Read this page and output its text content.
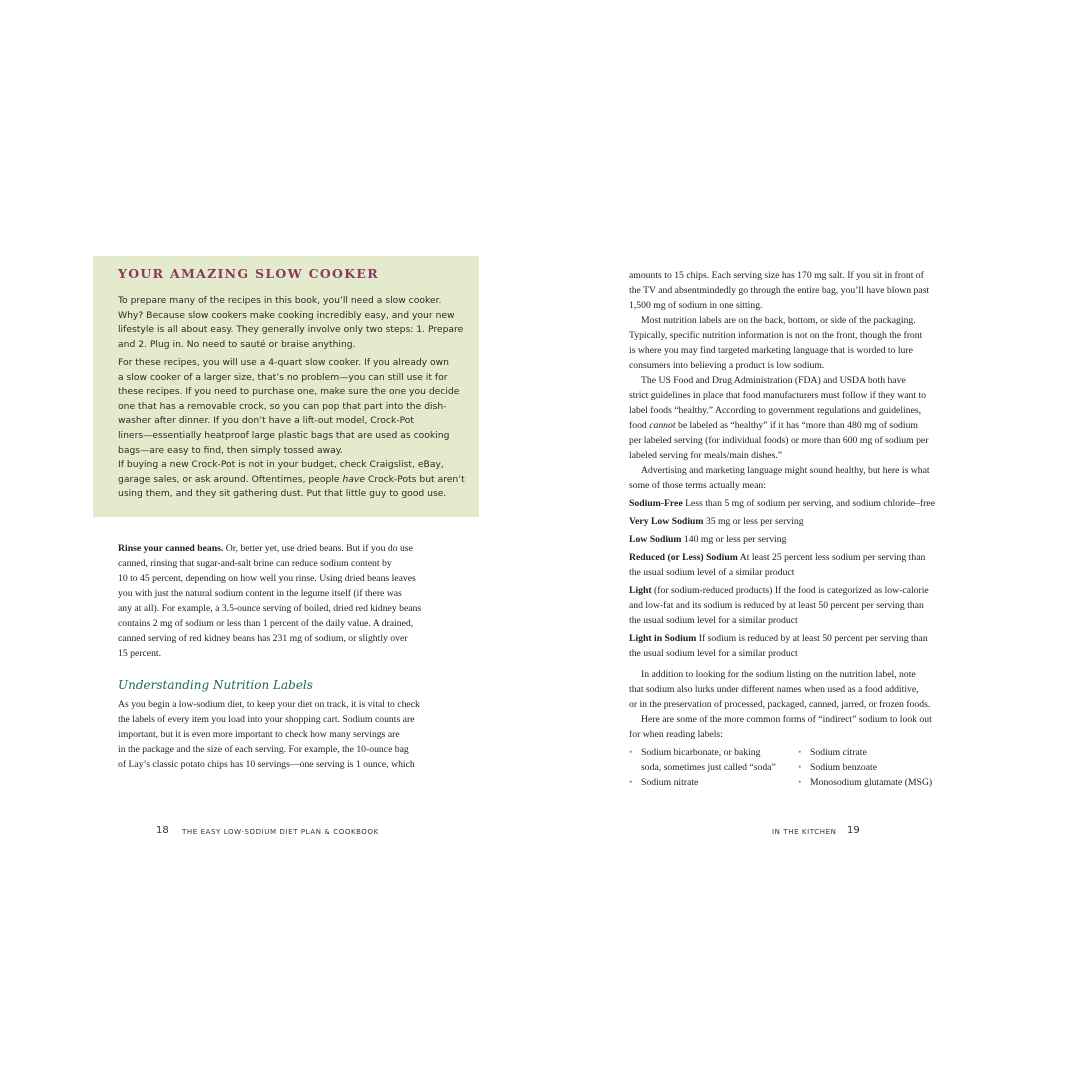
YOUR AMAZING SLOW COOKER
To prepare many of the recipes in this book, you’ll need a slow cooker.
Why? Because slow cookers make cooking incredibly easy, and your new
lifestyle is all about easy. They generally involve only two steps: 1. Prepare
and 2. Plug in. No need to sauté or braise anything.
For these recipes, you will use a 4-quart slow cooker. If you already own
a slow cooker of a larger size, that’s no problem—you can still use it for
these recipes. If you need to purchase one, make sure the one you decide
one that has a removable crock, so you can pop that part into the dish-
washer after dinner. If you don’t have a lift-out model, Crock-Pot
liners—essentially heatproof large plastic bags that are used as cooking
bags—are easy to find, then simply tossed away.
If buying a new Crock-Pot is not in your budget, check Craigslist, eBay,
garage sales, or ask around. Oftentimes, people have Crock-Pots but aren’t
using them, and they sit gathering dust. Put that little guy to good use.
Rinse your canned beans. Or, better yet, use dried beans. But if you do use
canned, rinsing that sugar-and-salt brine can reduce sodium content by
10 to 45 percent, depending on how well you rinse. Using dried beans leaves
you with just the natural sodium content in the legume itself (if there was
any at all). For example, a 3.5-ounce serving of boiled, dried red kidney beans
contains 2 mg of sodium or less than 1 percent of the daily value. A drained,
canned serving of red kidney beans has 231 mg of sodium, or slightly over
15 percent.
Understanding Nutrition Labels
As you begin a low-sodium diet, to keep your diet on track, it is vital to check
the labels of every item you load into your shopping cart. Sodium counts are
important, but it is even more important to check how many servings are
in the package and the size of each serving. For example, the 10-ounce bag
of Lay’s classic potato chips has 10 servings—one serving is 1 ounce, which
18 THE EASY LOW-SODIUM DIET PLAN & COOKBOOK
amounts to 15 chips. Each serving size has 170 mg salt. If you sit in front of
the TV and absentmindedly go through the entire bag, you’ll have blown past
1,500 mg of sodium in one sitting.
Most nutrition labels are on the back, bottom, or side of the packaging.
Typically, specific nutrition information is not on the front, though the front
is where you may find targeted marketing language that is worded to lure
consumers into believing a product is low sodium.
The US Food and Drug Administration (FDA) and USDA both have
strict guidelines in place that food manufacturers must follow if they want to
label foods “healthy.” According to government regulations and guidelines,
food cannot be labeled as “healthy” if it has “more than 480 mg of sodium
per labeled serving (for individual foods) or more than 600 mg of sodium per
labeled serving for meals/main dishes.”
Advertising and marketing language might sound healthy, but here is what
some of those terms actually mean:
Sodium-Free Less than 5 mg of sodium per serving, and sodium chloride–free
Very Low Sodium 35 mg or less per serving
Low Sodium 140 mg or less per serving
Reduced (or Less) Sodium At least 25 percent less sodium per serving than
the usual sodium level of a similar product
Light (for sodium-reduced products) If the food is categorized as low-calorie
and low-fat and its sodium is reduced by at least 50 percent per serving than
the usual sodium level for a similar product
Light in Sodium If sodium is reduced by at least 50 percent per serving than
the usual sodium level for a similar product
In addition to looking for the sodium listing on the nutrition label, note
that sodium also lurks under different names when used as a food additive,
or in the preservation of processed, packaged, canned, jarred, or frozen foods.
Here are some of the more common forms of “indirect” sodium to look out
for when reading labels:
• Sodium bicarbonate, or baking
soda, sometimes just called “soda”
• Sodium nitrate
• Sodium citrate
• Sodium benzoate
• Monosodium glutamate (MSG)
IN THE KITCHEN 19
